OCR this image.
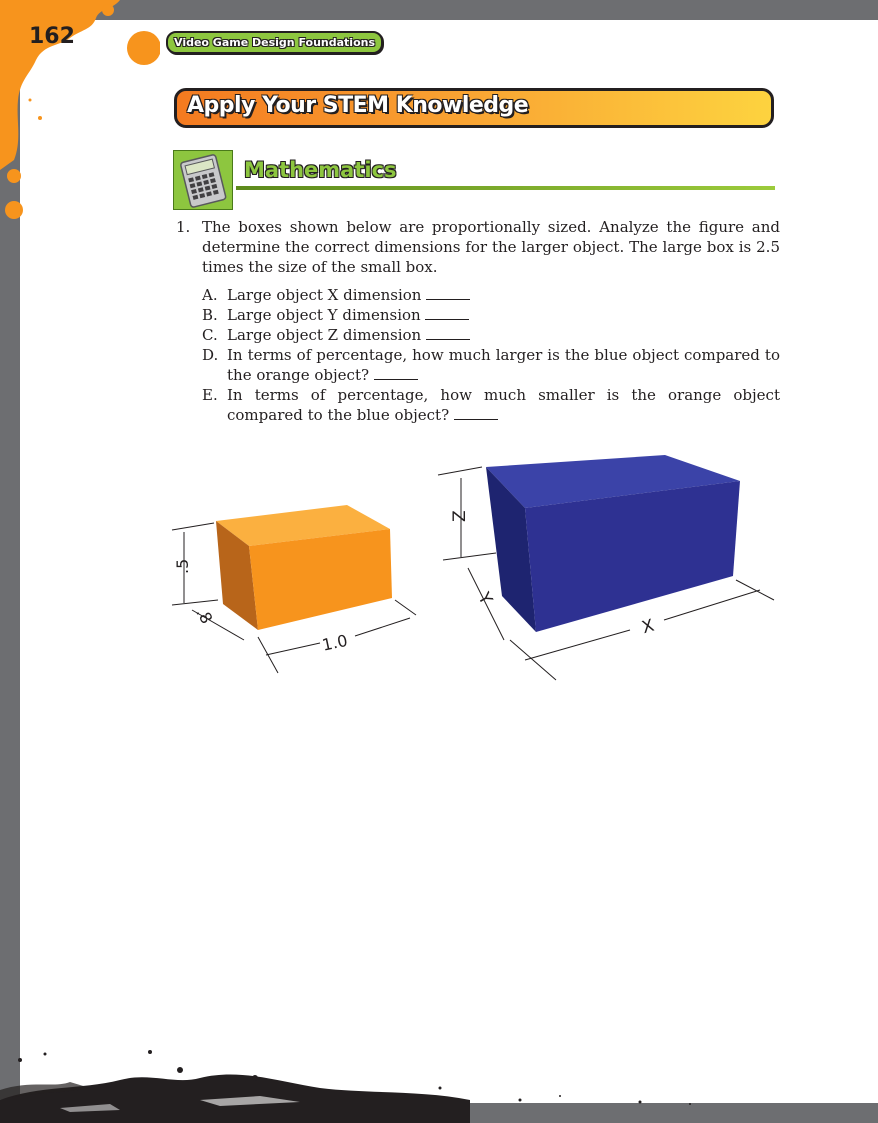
162	Video Game Design Foundations
Apply Your STEM Knowledge
Mathematics
1. The boxes shown below are proportionally sized. Analyze the figure and determine the correct dimensions for the larger object. The large box is 2.5 times the size of the small box.
A. Large object X dimension
B. Large object Y dimension
C. Large object Z dimension
D. In terms of percentage, how much larger is the blue object compared to the orange object?
E. In terms of percentage, how much smaller is the orange object compared to the blue object?
.5
.8
1.0
Z
Y
X
